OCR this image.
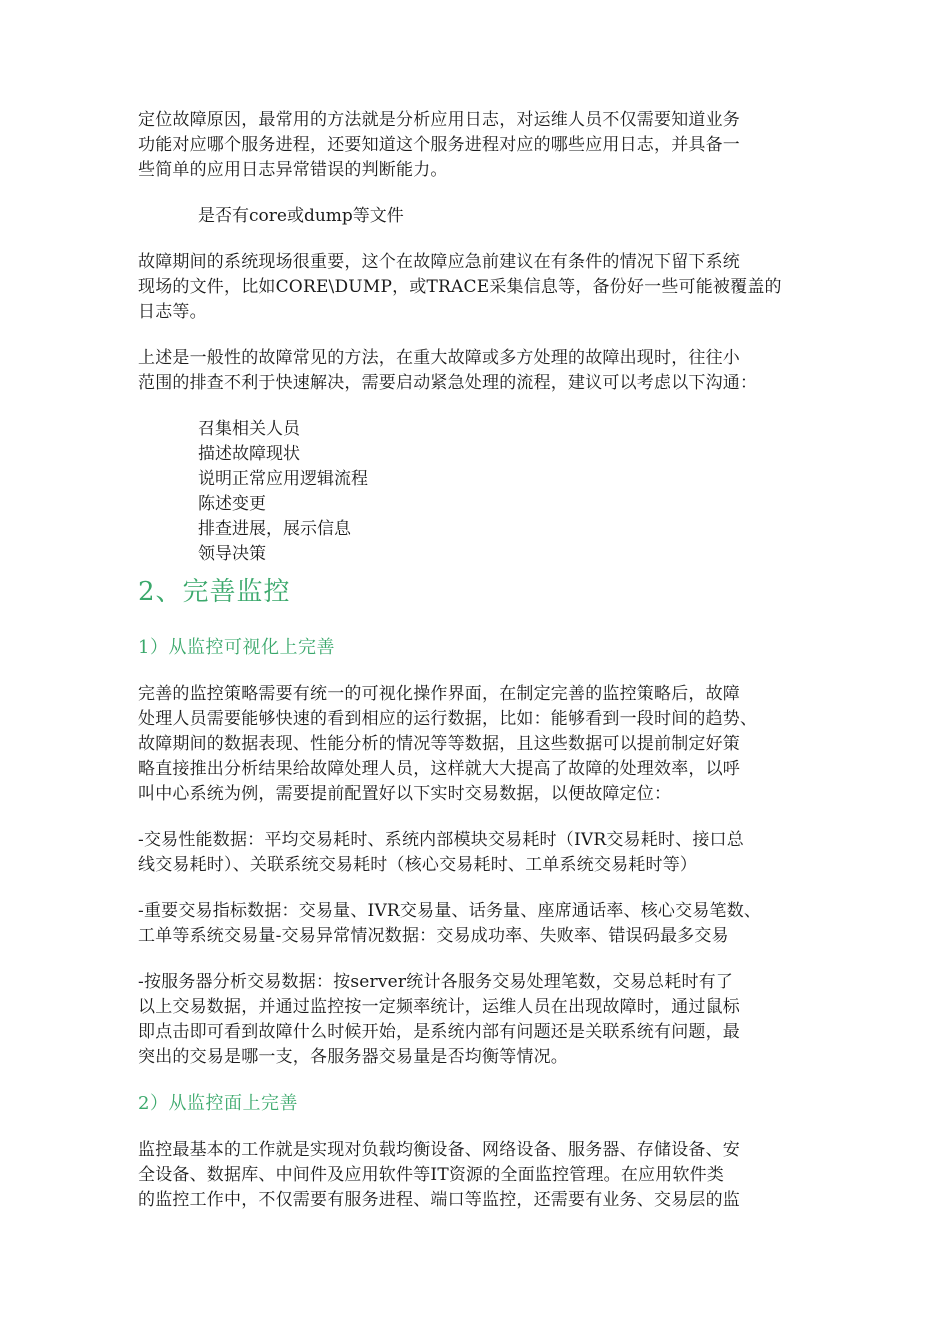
定位故障原因，最常用的方法就是分析应用日志，对运维人员不仅需要知道业务
功能对应哪个服务进程，还要知道这个服务进程对应的哪些应用日志，并具备一
些简单的应用日志异常错误的判断能力。

是否有core或dump等文件

故障期间的系统现场很重要，这个在故障应急前建议在有条件的情况下留下系统
现场的文件，比如CORE\DUMP，或TRACE采集信息等，备份好一些可能被覆盖的
日志等。

上述是一般性的故障常见的方法，在重大故障或多方处理的故障出现时，往往小
范围的排查不利于快速解决，需要启动紧急处理的流程，建议可以考虑以下沟通：

召集相关人员
描述故障现状
说明正常应用逻辑流程
陈述变更
排查进展，展示信息
领导决策
2、完善监控
1）从监控可视化上完善

完善的监控策略需要有统一的可视化操作界面，在制定完善的监控策略后，故障
处理人员需要能够快速的看到相应的运行数据，比如：能够看到一段时间的趋势、
故障期间的数据表现、性能分析的情况等等数据，且这些数据可以提前制定好策
略直接推出分析结果给故障处理人员，这样就大大提高了故障的处理效率，以呼
叫中心系统为例，需要提前配置好以下实时交易数据，以便故障定位：

-交易性能数据：平均交易耗时、系统内部模块交易耗时（IVR交易耗时、接口总
线交易耗时）、关联系统交易耗时（核心交易耗时、工单系统交易耗时等）

-重要交易指标数据：交易量、IVR交易量、话务量、座席通话率、核心交易笔数、
工单等系统交易量-交易异常情况数据：交易成功率、失败率、错误码最多交易

-按服务器分析交易数据：按server统计各服务交易处理笔数，交易总耗时有了
以上交易数据，并通过监控按一定频率统计，运维人员在出现故障时，通过鼠标
即点击即可看到故障什么时候开始，是系统内部有问题还是关联系统有问题，最
突出的交易是哪一支，各服务器交易量是否均衡等情况。

2）从监控面上完善

监控最基本的工作就是实现对负载均衡设备、网络设备、服务器、存储设备、安
全设备、数据库、中间件及应用软件等IT资源的全面监控管理。在应用软件类
的监控工作中，不仅需要有服务进程、端口等监控，还需要有业务、交易层的监
